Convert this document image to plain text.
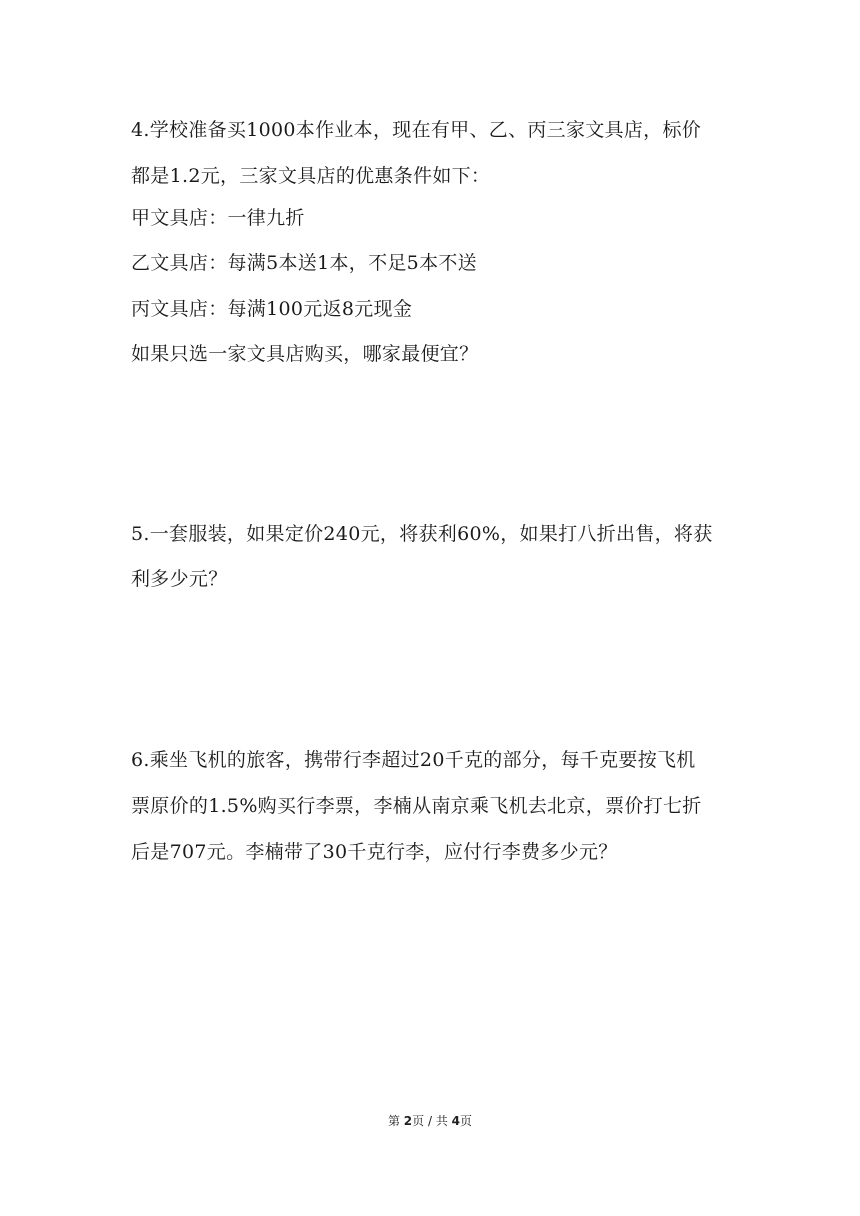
4.学校准备买1000本作业本，现在有甲、乙、丙三家文具店，标价
都是1.2元，三家文具店的优惠条件如下：
甲文具店：一律九折
乙文具店：每满5本送1本，不足5本不送
丙文具店：每满100元返8元现金
如果只选一家文具店购买，哪家最便宜？
5.一套服装，如果定价240元，将获利60%，如果打八折出售，将获
利多少元？
6.乘坐飞机的旅客，携带行李超过20千克的部分，每千克要按飞机
票原价的1.5%购买行李票，李楠从南京乘飞机去北京，票价打七折
后是707元。李楠带了30千克行李，应付行李费多少元？
第 2页 / 共 4页
